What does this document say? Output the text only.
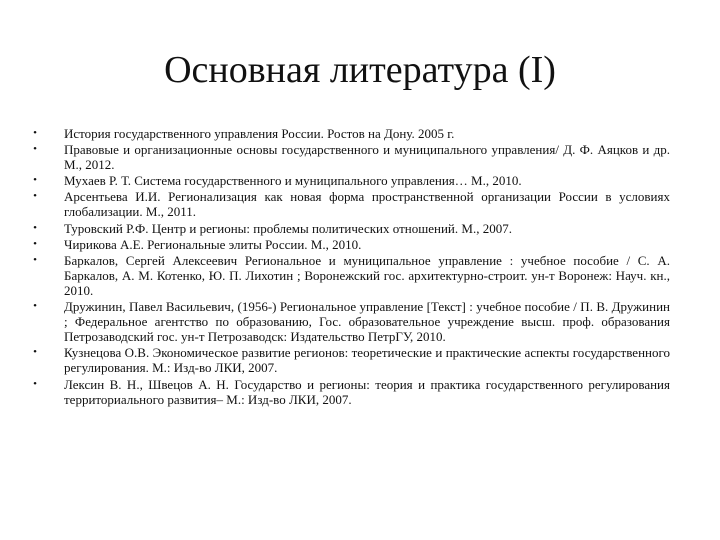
Основная литература (I)
• История государственного управления России. Ростов на Дону. 2005 г.
• Правовые и организационные основы государственного и муниципального управления/ Д. Ф. Аяцков и др. М., 2012.
• Мухаев Р. Т. Система государственного и муниципального управления… М., 2010.
• Арсентьева И.И. Регионализация как новая форма пространственной организации России в условиях глобализации. М., 2011.
• Туровский Р.Ф. Центр и регионы: проблемы политических отношений. М., 2007.
• Чирикова А.Е. Региональные элиты России. М., 2010.
• Баркалов, Сергей Алексеевич Региональное и муниципальное управление : учебное пособие / С. А. Баркалов, А. М. Котенко, Ю. П. Лихотин ; Воронежский гос. архитектурно-строит. ун-т Воронеж: Науч. кн., 2010.
• Дружинин, Павел Васильевич, (1956-) Региональное управление [Текст] : учебное пособие / П. В. Дружинин ; Федеральное агентство по образованию, Гос. образовательное учреждение высш. проф. образования Петрозаводский гос. ун-т Петрозаводск: Издательство ПетрГУ, 2010.
• Кузнецова О.В. Экономическое развитие регионов: теоретические и практические аспекты государственного регулирования. М.: Изд-во ЛКИ, 2007.
• Лексин В. Н., Швецов А. Н. Государство и регионы: теория и практика государственного регулирования территориального развития– М.: Изд-во ЛКИ, 2007.
